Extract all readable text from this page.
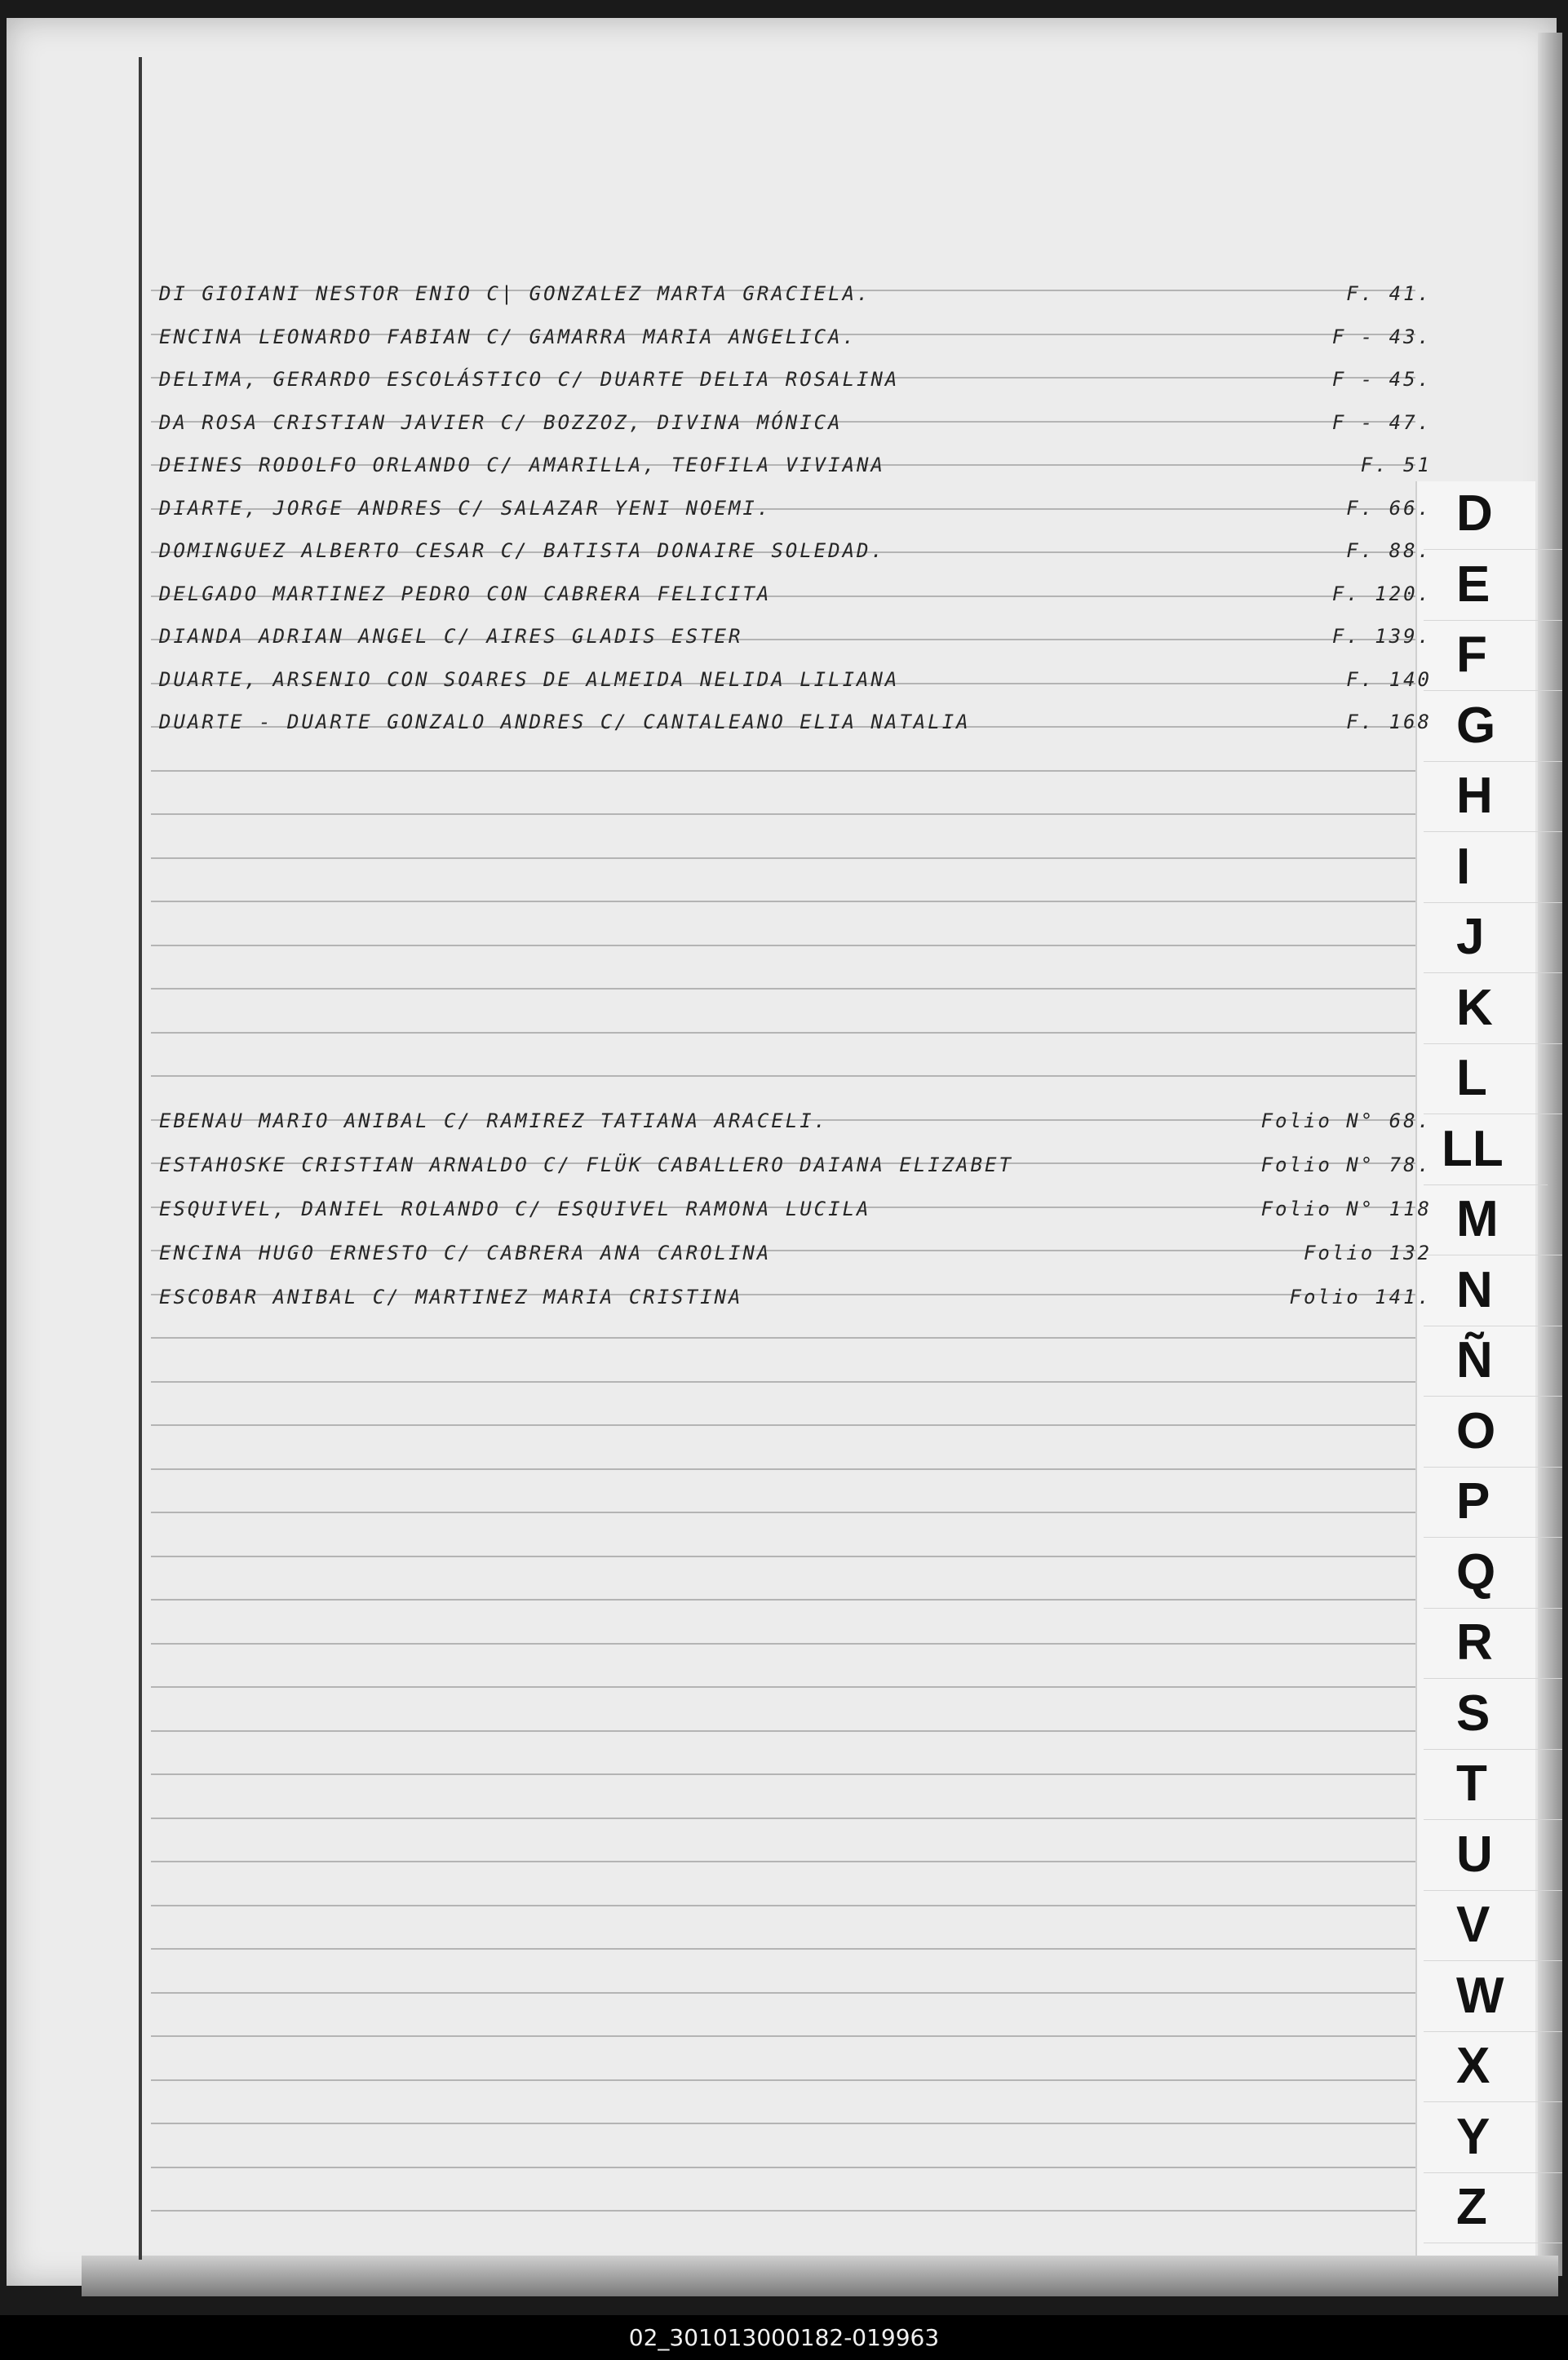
D
E
F
G
H
I
J
K
L
LL
M
N
Ñ
O
P
Q
R
S
T
U
V
W
X
Y
Z
DI GIOIANI NESTOR ENIO C| GONZALEZ MARTA GRACIELA.	F. 41.
ENCINA LEONARDO FABIAN C/ GAMARRA MARIA ANGELICA.	F - 43.
DELIMA, GERARDO ESCOLÁSTICO C/ DUARTE DELIA ROSALINA	F - 45.
DA ROSA CRISTIAN JAVIER C/ BOZZOZ, DIVINA MÓNICA	F - 47.
DEINES RODOLFO ORLANDO C/ AMARILLA, TEOFILA VIVIANA	F. 51
DIARTE, JORGE ANDRES C/ SALAZAR YENI NOEMI.	F. 66.
DOMINGUEZ ALBERTO CESAR C/ BATISTA DONAIRE SOLEDAD.	F. 88.
DELGADO MARTINEZ PEDRO CON CABRERA FELICITA	F. 120.
DIANDA ADRIAN ANGEL C/ AIRES GLADIS ESTER	F. 139.
DUARTE, ARSENIO CON SOARES DE ALMEIDA NELIDA LILIANA	F. 140
DUARTE - DUARTE GONZALO ANDRES C/ CANTALEANO ELIA NATALIA	F. 168
EBENAU MARIO ANIBAL C/ RAMIREZ TATIANA ARACELI.	Folio N° 68.
ESTAHOSKE CRISTIAN ARNALDO C/ FLÜK CABALLERO DAIANA ELIZABET	Folio N° 78.
ESQUIVEL, DANIEL ROLANDO C/ ESQUIVEL RAMONA LUCILA	Folio N° 118
ENCINA HUGO ERNESTO C/ CABRERA ANA CAROLINA	Folio 132
ESCOBAR ANIBAL C/ MARTINEZ MARIA CRISTINA	Folio 141.
02_301013000182-019963
